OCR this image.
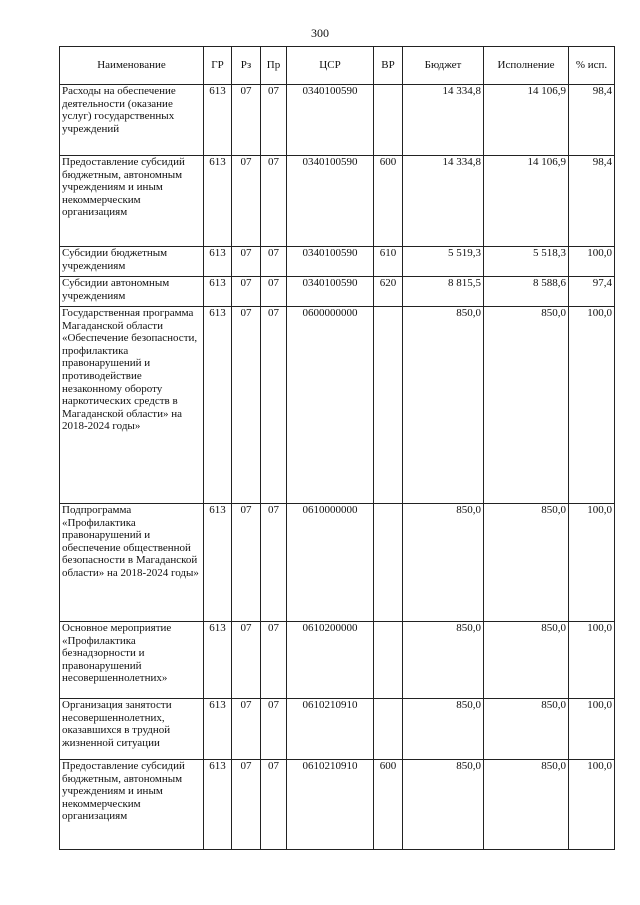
300
Наименование	ГР	Рз	Пр	ЦСР	ВР	Бюджет	Исполнение	% исп.
Расходы на обеспечение деятельности (оказание услуг) государственных учреждений	613	07	07	0340100590		14 334,8	14 106,9	98,4
Предоставление субсидий бюджетным, автономным учреждениям и иным некоммерческим организациям	613	07	07	0340100590	600	14 334,8	14 106,9	98,4
Субсидии бюджетным учреждениям	613	07	07	0340100590	610	5 519,3	5 518,3	100,0
Субсидии автономным учреждениям	613	07	07	0340100590	620	8 815,5	8 588,6	97,4
Государственная программа Магаданской области «Обеспечение безопасности, профилактика правонарушений и противодействие незаконному обороту наркотических средств в Магаданской области» на 2018-2024 годы»	613	07	07	0600000000		850,0	850,0	100,0
Подпрограмма «Профилактика правонарушений и обеспечение общественной безопасности в Магаданской области» на 2018-2024 годы»	613	07	07	0610000000		850,0	850,0	100,0
Основное мероприятие «Профилактика безнадзорности и правонарушений несовершеннолетних»	613	07	07	0610200000		850,0	850,0	100,0
Организация занятости несовершеннолетних, оказавшихся в трудной жизненной ситуации	613	07	07	0610210910		850,0	850,0	100,0
Предоставление субсидий бюджетным, автономным учреждениям и иным некоммерческим организациям	613	07	07	0610210910	600	850,0	850,0	100,0
